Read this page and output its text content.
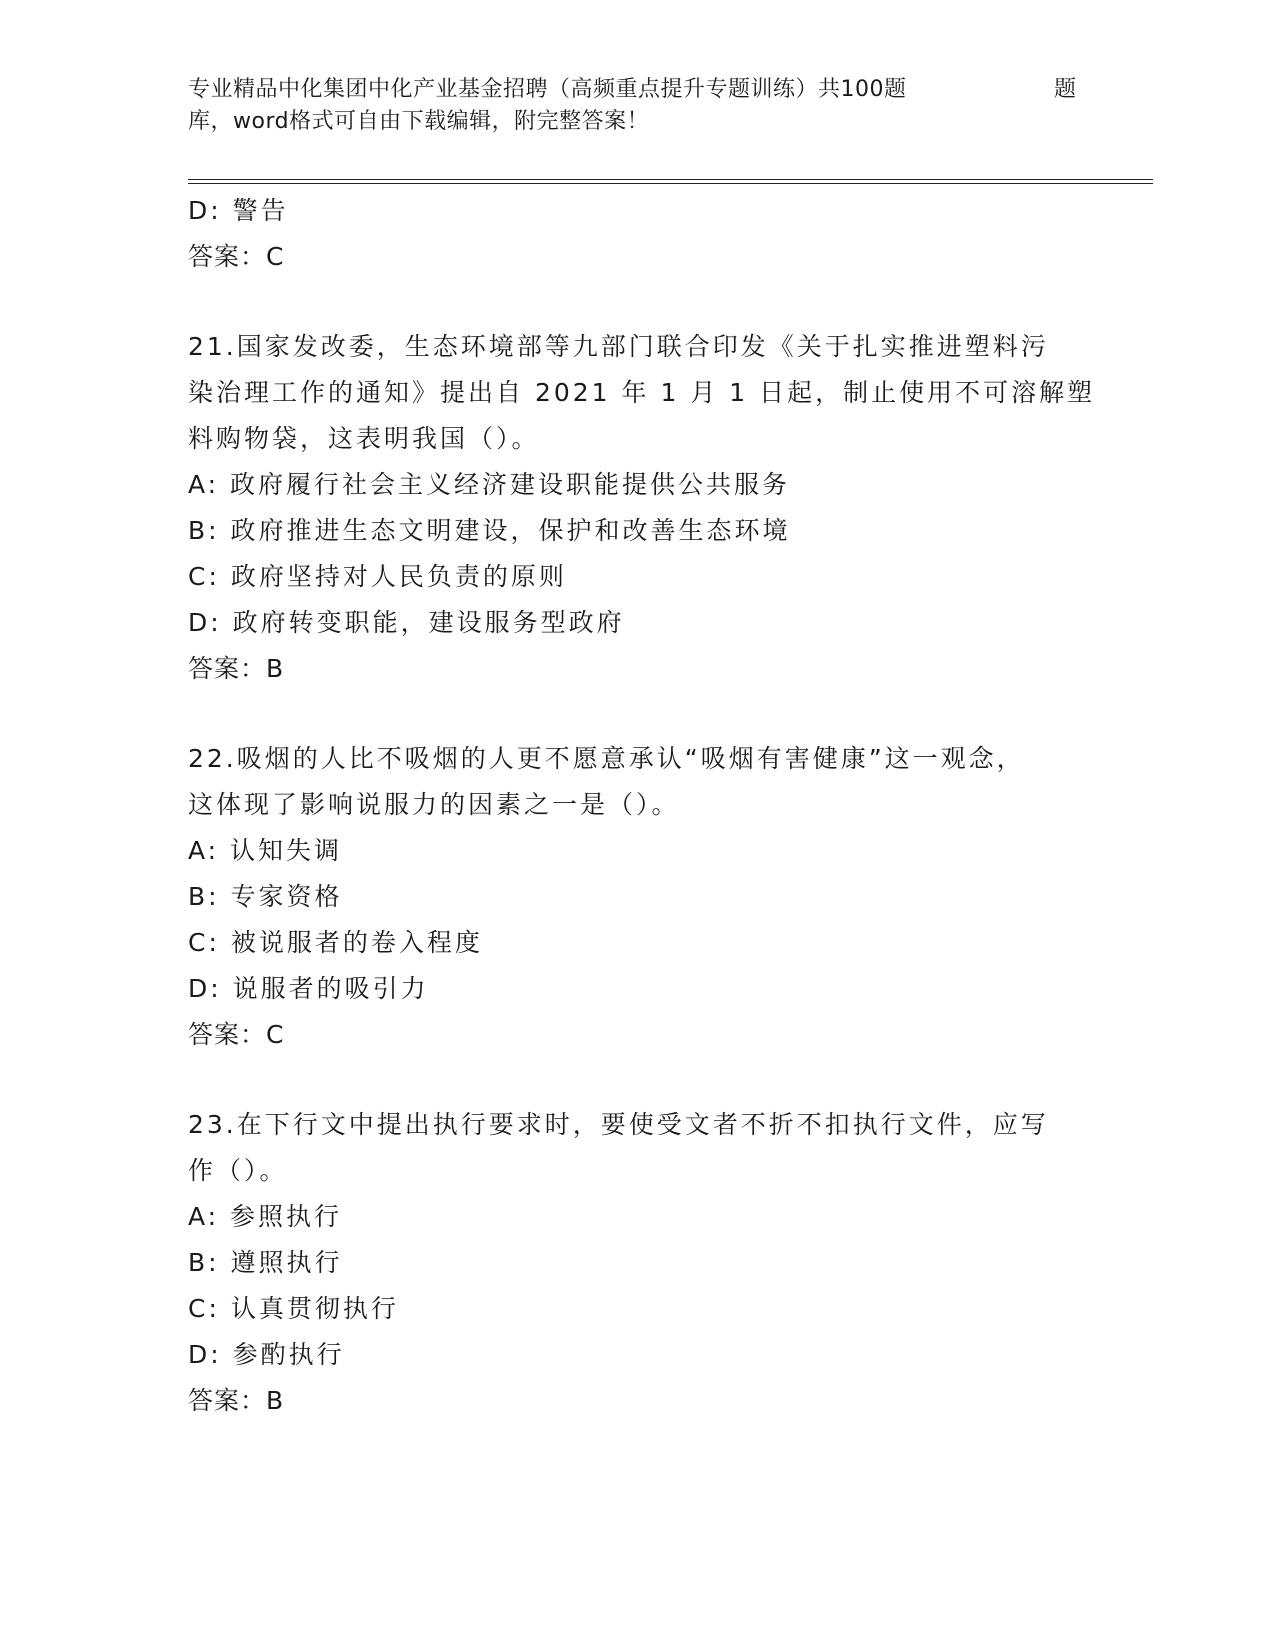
专业精品中化集团中化产业基金招聘（高频重点提升专题训练）共100题	题
库，word格式可自由下载编辑，附完整答案！

D: 警告

答案：C

21.国家发改委，生态环境部等九部门联合印发《关于扎实推进塑料污

染治理工作的通知》提出自 2021 年 1 月 1 日起，制止使用不可溶解塑

料购物袋，这表明我国（）。

A: 政府履行社会主义经济建设职能提供公共服务

B: 政府推进生态文明建设，保护和改善生态环境

C: 政府坚持对人民负责的原则

D: 政府转变职能，建设服务型政府

答案：B

22.吸烟的人比不吸烟的人更不愿意承认“吸烟有害健康”这一观念，

这体现了影响说服力的因素之一是（）。

A: 认知失调

B: 专家资格

C: 被说服者的卷入程度

D: 说服者的吸引力

答案：C

23.在下行文中提出执行要求时，要使受文者不折不扣执行文件，应写

作（）。

A: 参照执行

B: 遵照执行

C: 认真贯彻执行

D: 参酌执行

答案：B
